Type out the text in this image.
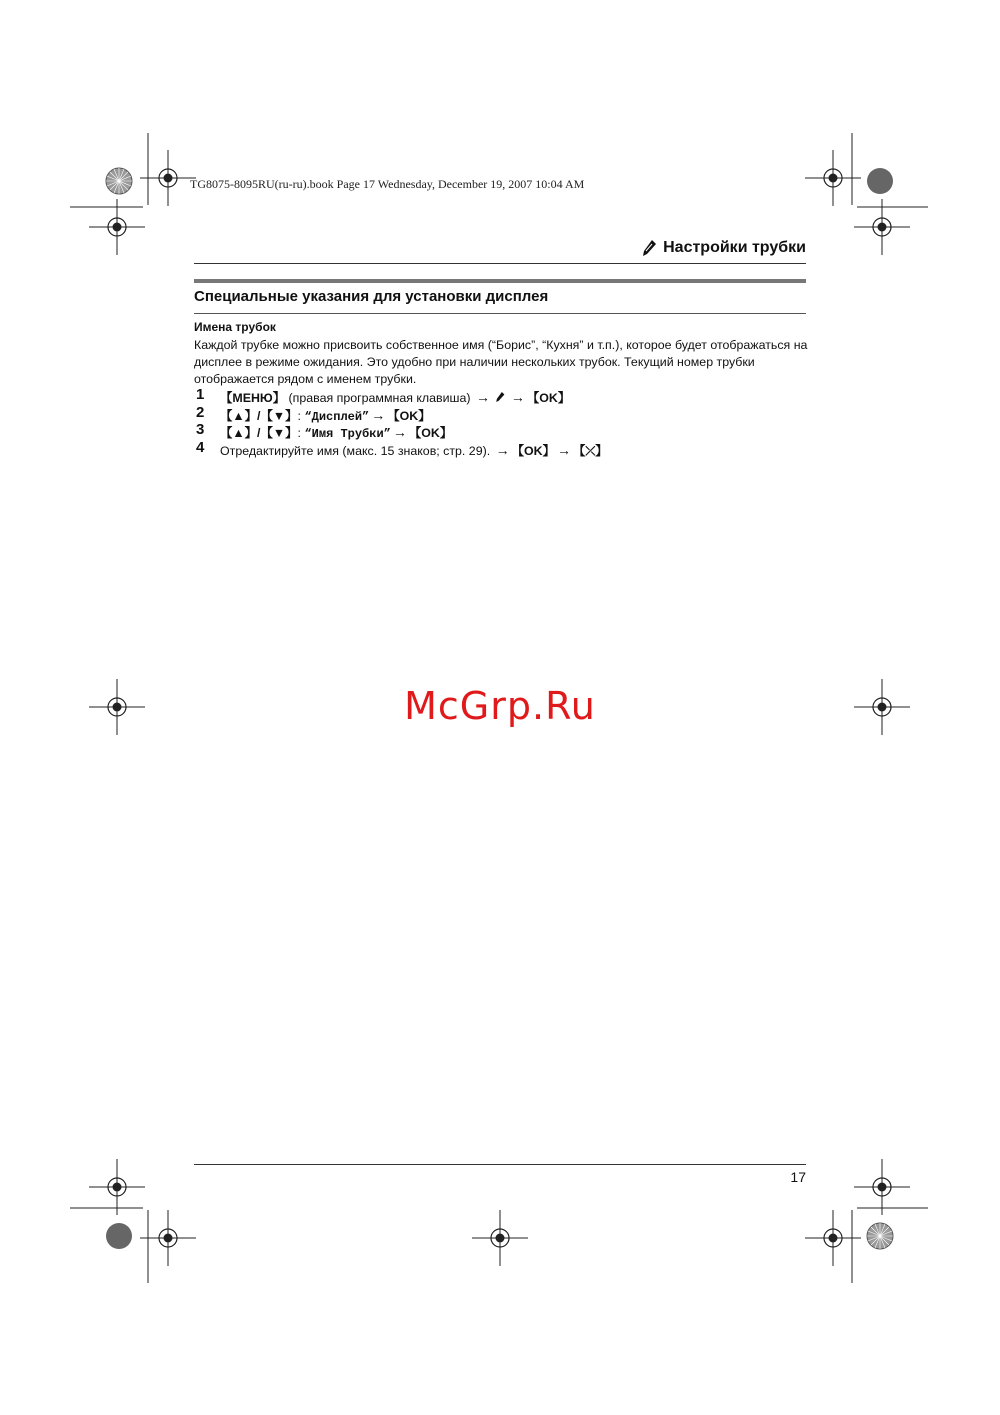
TG8075-8095RU(ru-ru).book Page 17 Wednesday, December 19, 2007 10:04 AM
Настройки трубки
Специальные указания для установки дисплея
Имена трубок
Каждой трубке можно присвоить собственное имя (“Борис”, “Кухня” и т.п.), которое будет отображаться на
дисплее в режиме ожидания. Это удобно при наличии нескольких трубок. Текущий номер трубки
отображается рядом с именем трубки.
1 【МЕНЮ】 (правая программная клавиша) → → 【OK】
2 【▲】/【▼】: “Дисплей” → 【OK】
3 【▲】/【▼】: “Имя Трубки” → 【OK】
4 Отредактируйте имя (макс. 15 знаков; стр. 29). → 【OK】 → 【⤫】
McGrp.Ru
17
